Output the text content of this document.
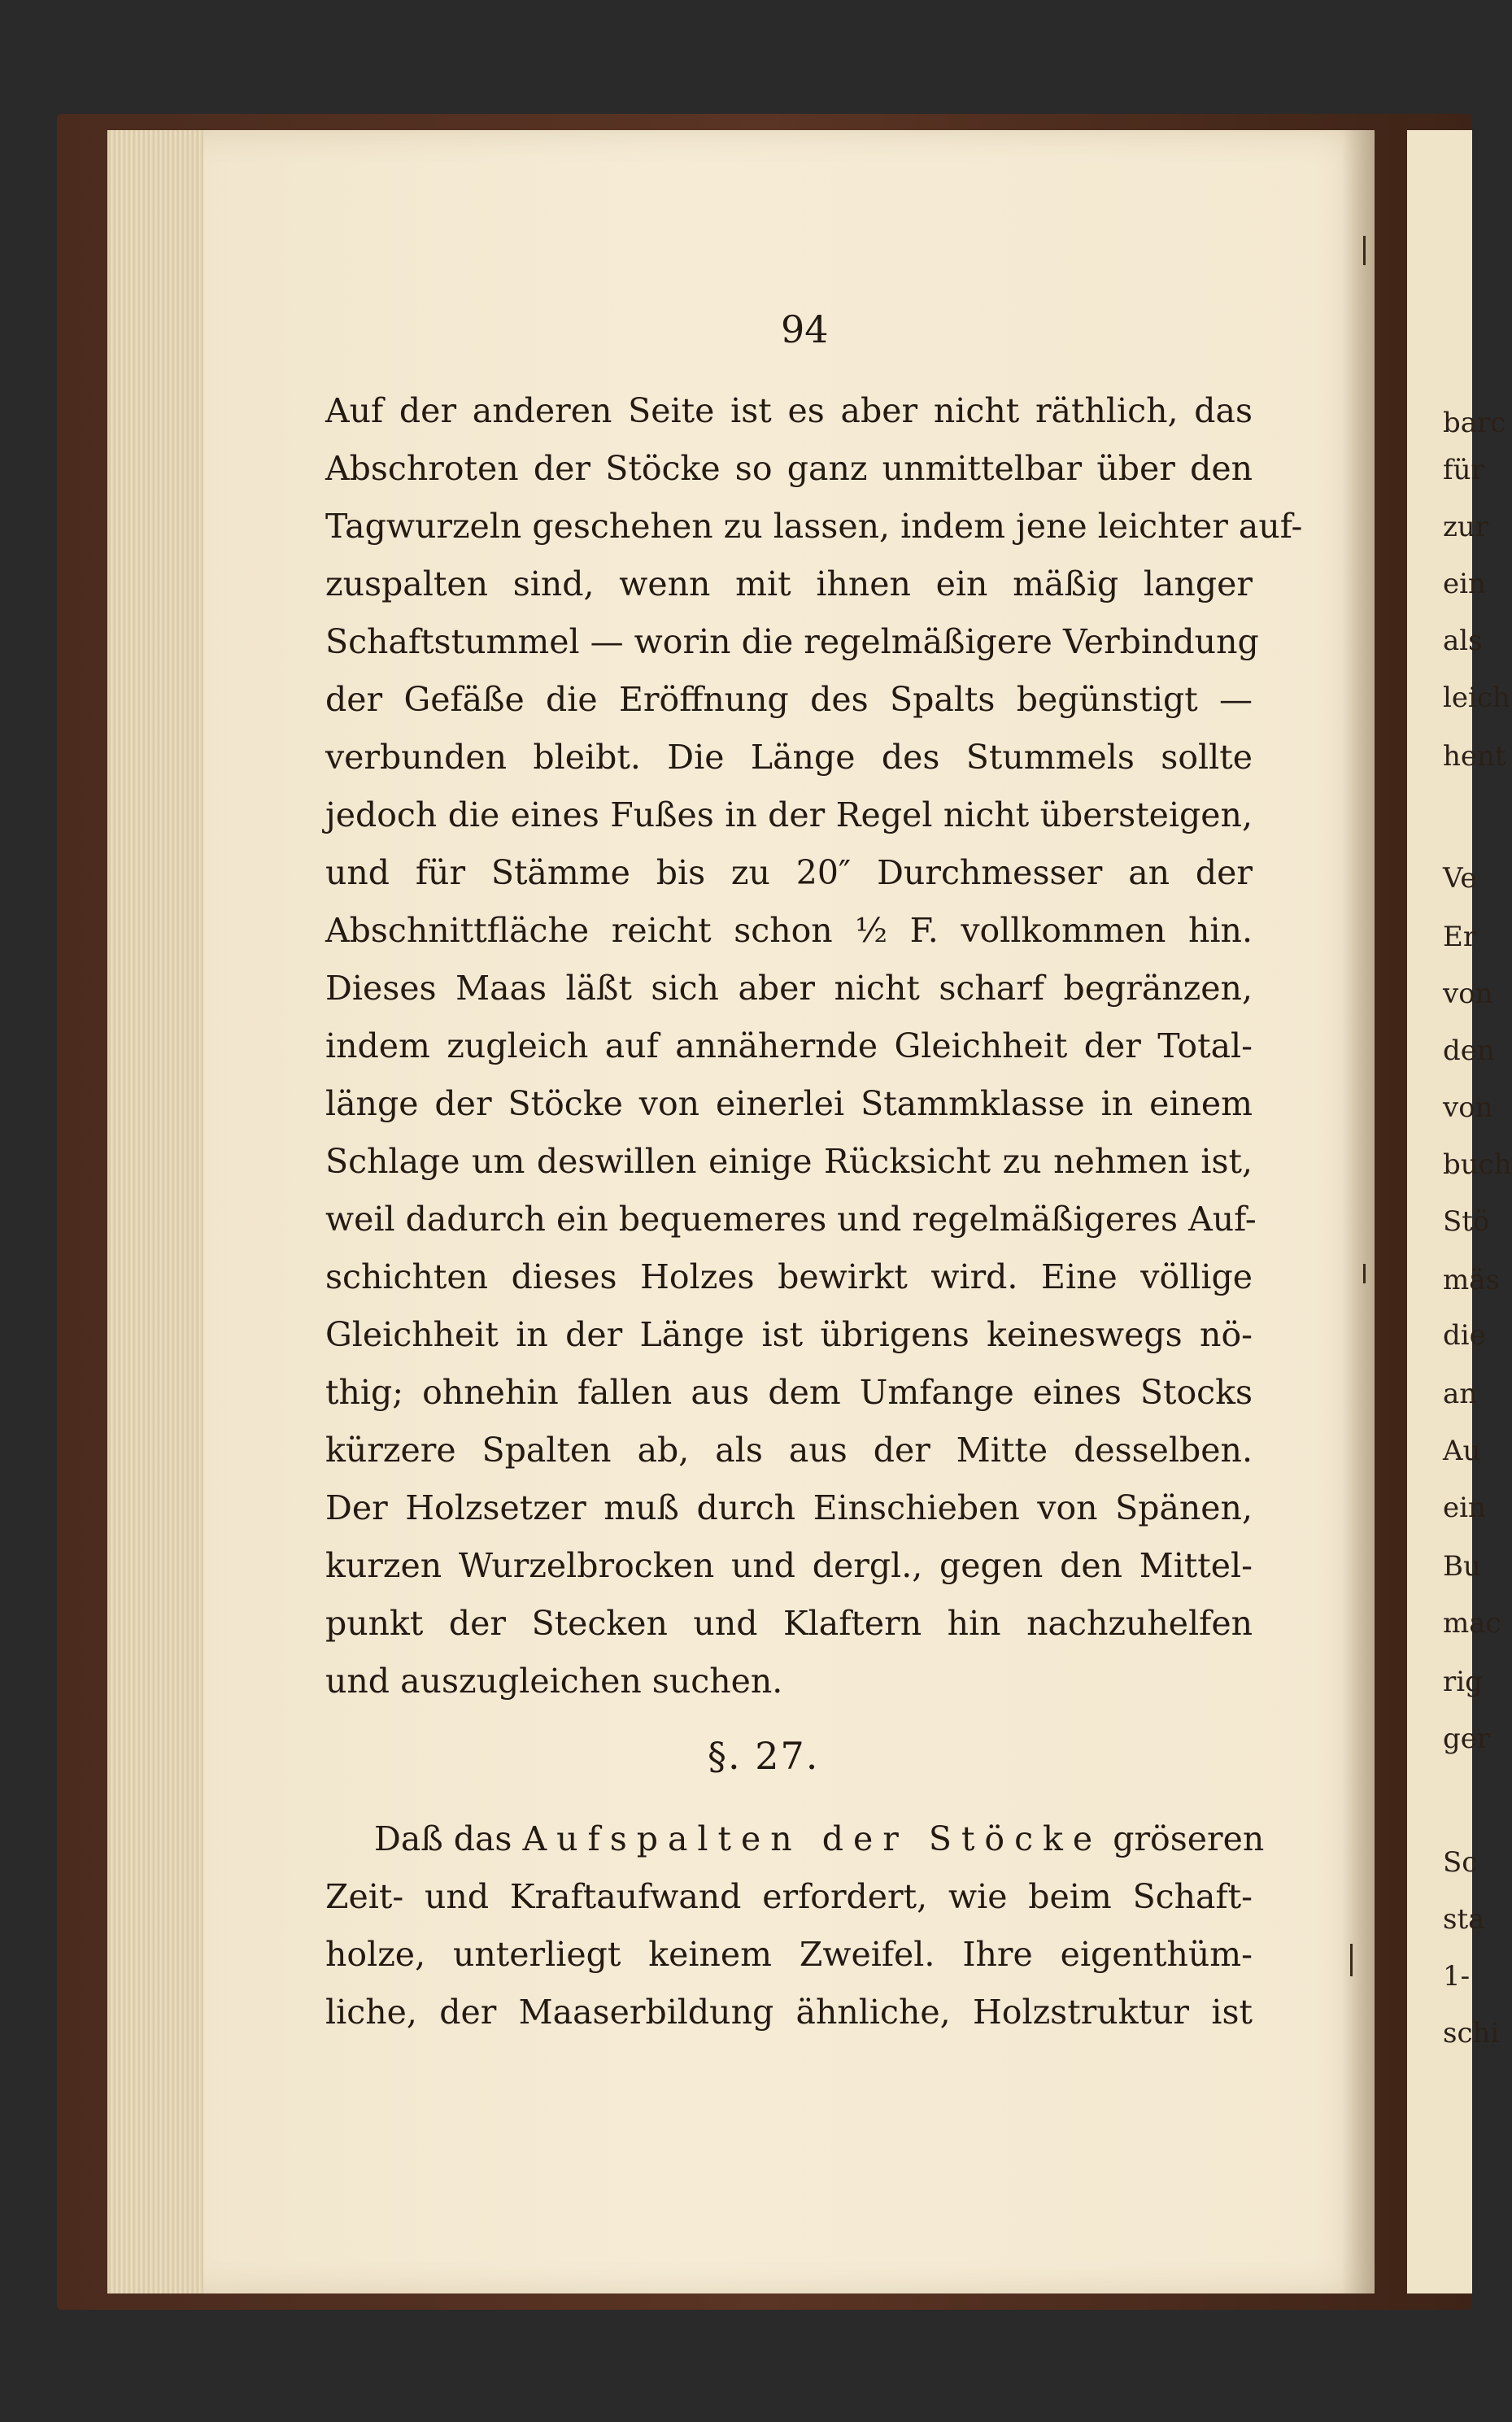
barc
für
zur
ein
als
leich
hent
Ve
Er
von
den
von
buch
Stö
mäs
die
an
Au
ein
Bu
mac
rig
ger
Sc
sta
1-
schi
94
Auf der anderen Seite ist es aber nicht räthlich, das
Abschroten der Stöcke so ganz unmittelbar über den
Tagwurzeln geschehen zu lassen, indem jene leichter auf-
zuspalten sind, wenn mit ihnen ein mäßig langer
Schaftstummel — worin die regelmäßigere Verbindung
der Gefäße die Eröffnung des Spalts begünstigt —
verbunden bleibt. Die Länge des Stummels sollte
jedoch die eines Fußes in der Regel nicht übersteigen,
und für Stämme bis zu 20″ Durchmesser an der
Abschnittfläche reicht schon ½ F. vollkommen hin.
Dieses Maas läßt sich aber nicht scharf begränzen,
indem zugleich auf annähernde Gleichheit der Total-
länge der Stöcke von einerlei Stammklasse in einem
Schlage um deswillen einige Rücksicht zu nehmen ist,
weil dadurch ein bequemeres und regelmäßigeres Auf-
schichten dieses Holzes bewirkt wird. Eine völlige
Gleichheit in der Länge ist übrigens keineswegs nö-
thig; ohnehin fallen aus dem Umfange eines Stocks
kürzere Spalten ab, als aus der Mitte desselben.
Der Holzsetzer muß durch Einschieben von Spänen,
kurzen Wurzelbrocken und dergl., gegen den Mittel-
punkt der Stecken und Klaftern hin nachzuhelfen
und auszugleichen suchen.
§. 27.
Daß das Aufspalten der Stöcke gröseren
Zeit- und Kraftaufwand erfordert, wie beim Schaft-
holze, unterliegt keinem Zweifel. Ihre eigenthüm-
liche, der Maaserbildung ähnliche, Holzstruktur ist
